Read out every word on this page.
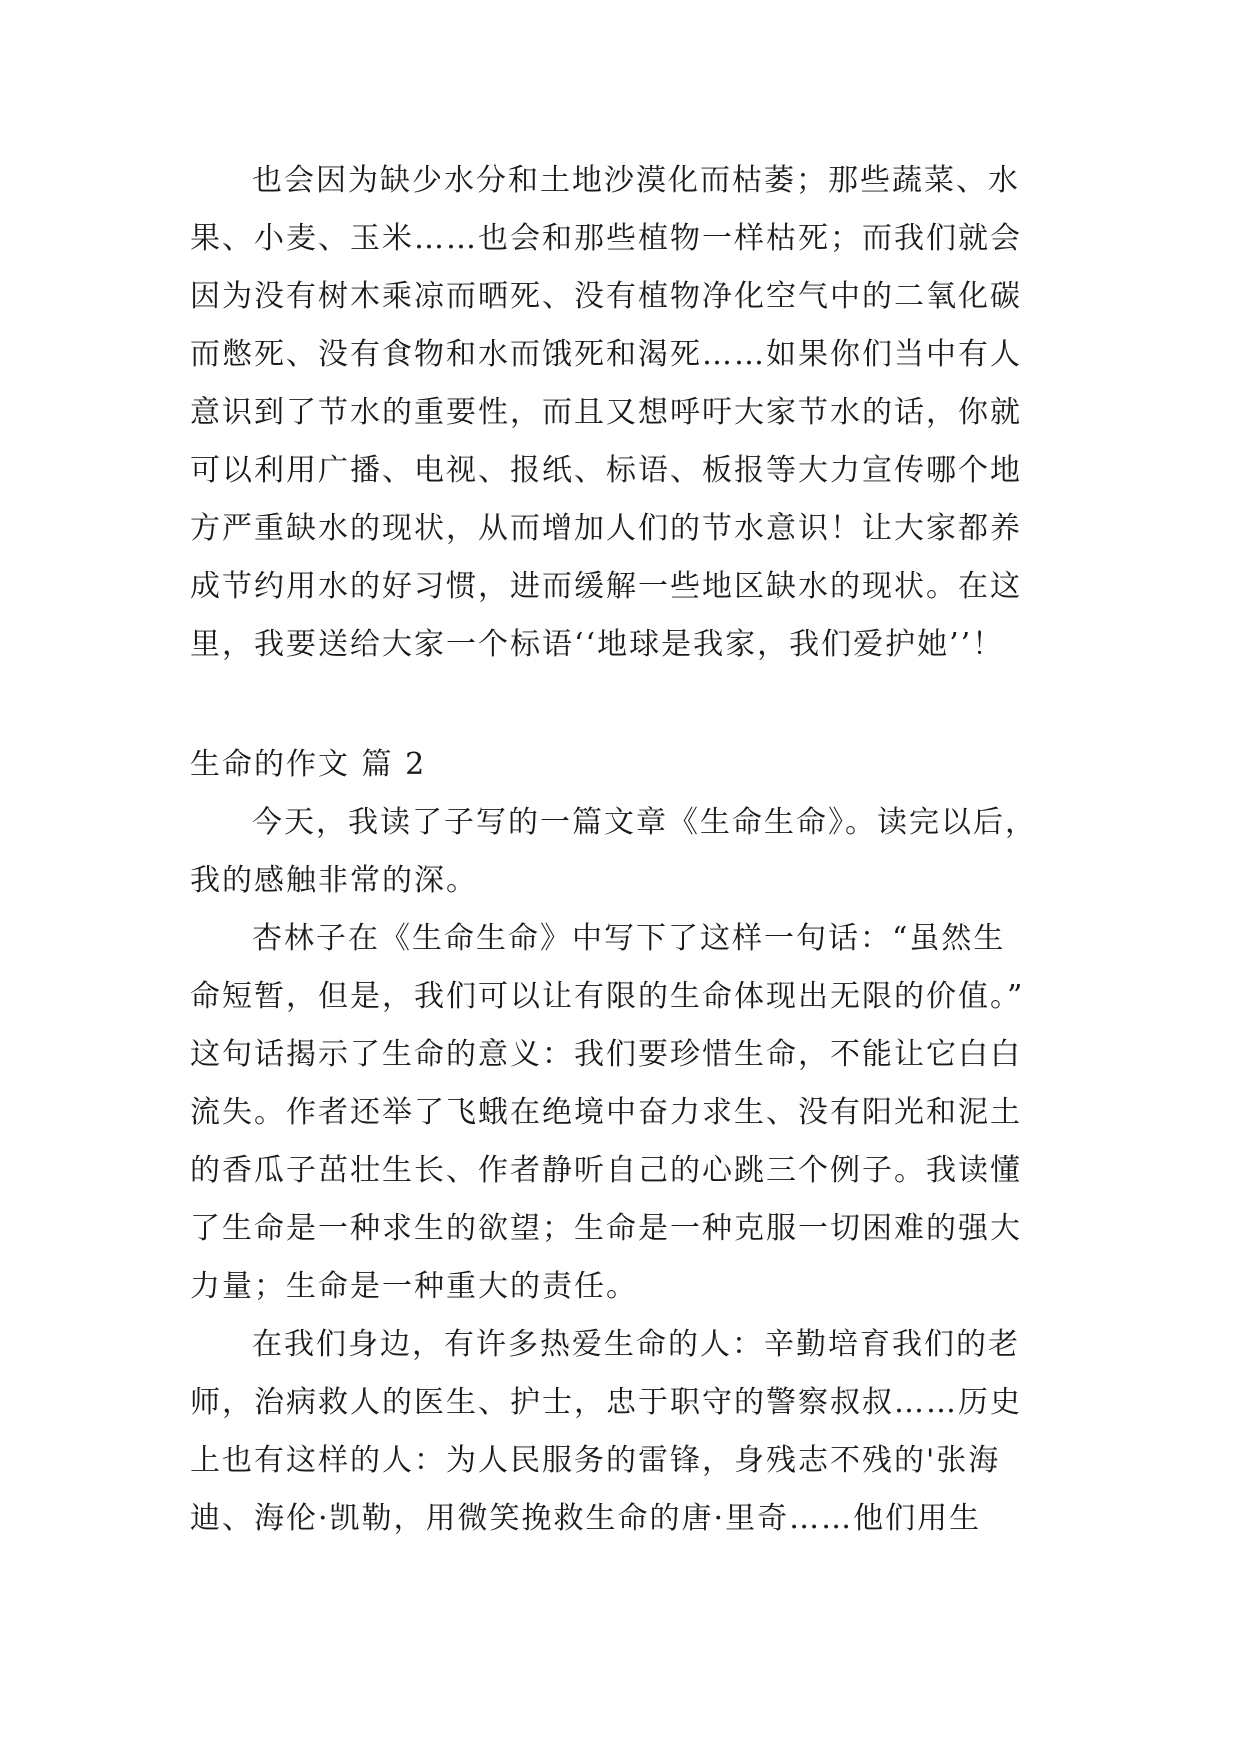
也会因为缺少水分和土地沙漠化而枯萎；那些蔬菜、水
果、小麦、玉米……也会和那些植物一样枯死；而我们就会
因为没有树木乘凉而晒死、没有植物净化空气中的二氧化碳
而憋死、没有食物和水而饿死和渴死……如果你们当中有人
意识到了节水的重要性，而且又想呼吁大家节水的话，你就
可以利用广播、电视、报纸、标语、板报等大力宣传哪个地
方严重缺水的现状，从而增加人们的节水意识！让大家都养
成节约用水的好习惯，进而缓解一些地区缺水的现状。在这
里，我要送给大家一个标语‘‘地球是我家，我们爱护她’’！
生命的作文 篇 2
今天，我读了子写的一篇文章《生命生命》。读完以后，
我的感触非常的深。
杏林子在《生命生命》中写下了这样一句话：“虽然生
命短暂，但是，我们可以让有限的生命体现出无限的价值。”
这句话揭示了生命的意义：我们要珍惜生命，不能让它白白
流失。作者还举了飞蛾在绝境中奋力求生、没有阳光和泥土
的香瓜子茁壮生长、作者静听自己的心跳三个例子。我读懂
了生命是一种求生的欲望；生命是一种克服一切困难的强大
力量；生命是一种重大的责任。
在我们身边，有许多热爱生命的人：辛勤培育我们的老
师，治病救人的医生、护士，忠于职守的警察叔叔……历史
上也有这样的人：为人民服务的雷锋，身残志不残的'张海
迪、海伦·凯勒，用微笑挽救生命的唐·里奇……他们用生
